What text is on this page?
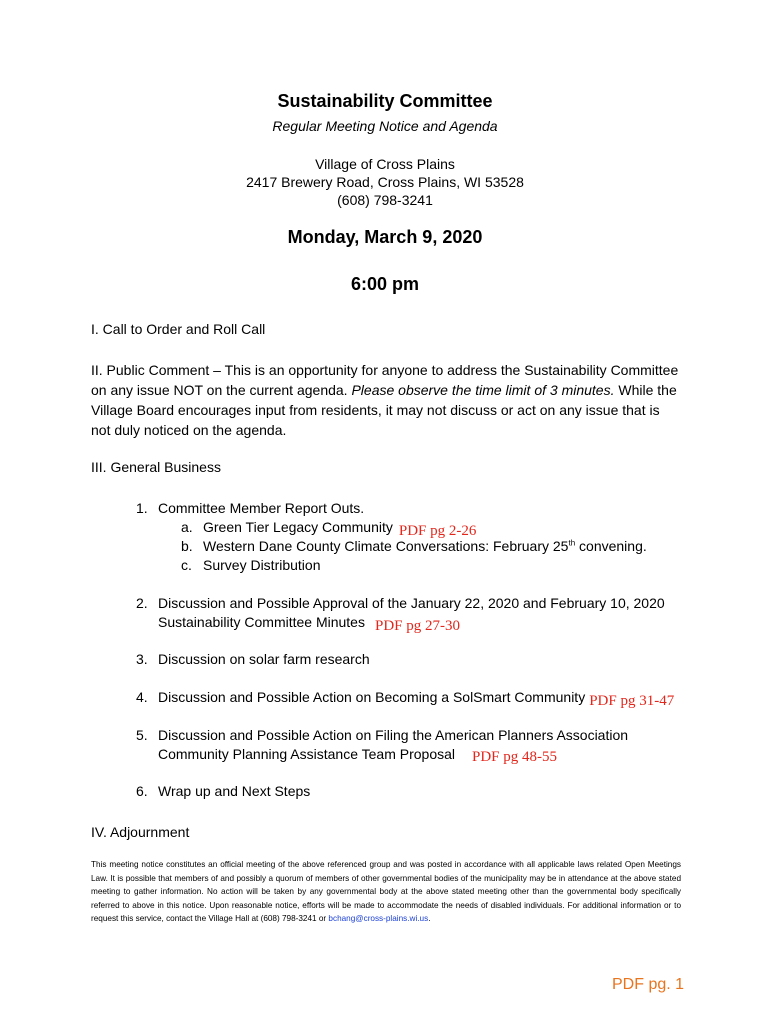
Sustainability Committee
Regular Meeting Notice and Agenda
Village of Cross Plains
2417 Brewery Road, Cross Plains, WI 53528
(608) 798-3241
Monday, March 9, 2020
6:00 pm
I. Call to Order and Roll Call
II. Public Comment – This is an opportunity for anyone to address the Sustainability Committee
on any issue NOT on the current agenda. Please observe the time limit of 3 minutes. While the
Village Board encourages input from residents, it may not discuss or act on any issue that is
not duly noticed on the agenda.
III. General Business
1. Committee Member Report Outs.
a. Green Tier Legacy Community PDF pg 2-26
b. Western Dane County Climate Conversations: February 25th convening.
c. Survey Distribution
2. Discussion and Possible Approval of the January 22, 2020 and February 10, 2020
Sustainability Committee Minutes PDF pg 27-30
3. Discussion on solar farm research
4. Discussion and Possible Action on Becoming a SolSmart Community PDF pg 31-47
5. Discussion and Possible Action on Filing the American Planners Association
Community Planning Assistance Team Proposal PDF pg 48-55
6. Wrap up and Next Steps
IV. Adjournment
This meeting notice constitutes an official meeting of the above referenced group and was posted in accordance with all applicable laws related Open Meetings Law. It is possible that members of and possibly a quorum of members of other governmental bodies of the municipality may be in attendance at the above stated meeting to gather information. No action will be taken by any governmental body at the above stated meeting other than the governmental body specifically referred to above in this notice. Upon reasonable notice, efforts will be made to accommodate the needs of disabled individuals. For additional information or to request this service, contact the Village Hall at (608) 798-3241 or bchang@cross-plains.wi.us.
PDF pg. 1
